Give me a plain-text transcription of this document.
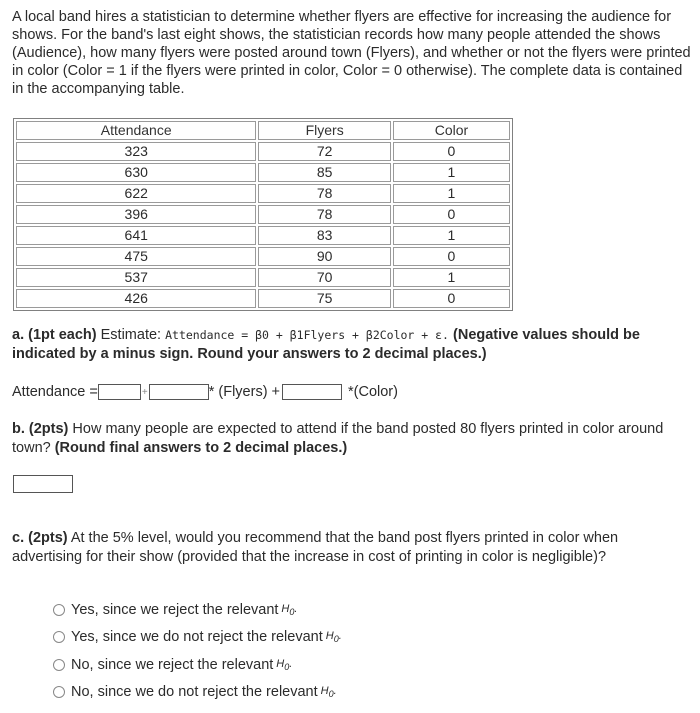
A local band hires a statistician to determine whether flyers are effective for increasing the audience for shows. For the band's last eight shows, the statistician records how many people attended the shows (Audience), how many flyers were posted around town (Flyers), and whether or not the flyers were printed in color (Color = 1 if the flyers were printed in color, Color = 0 otherwise). The complete data is contained in the accompanying table.

Attendance	Flyers	Color
323	72	0
630	85	1
622	78	1
396	78	0
641	83	1
475	90	0
537	70	1
426	75	0

a. (1pt each) Estimate: Attendance = β0 + β1Flyers + β2Color + ε. (Negative values should be indicated by a minus sign. Round your answers to 2 decimal places.)

Attendance =	+	* (Flyers) +	*(Color)

b. (2pts) How many people are expected to attend if the band posted 80 flyers printed in color around town? (Round final answers to 2 decimal places.)

c. (2pts) At the 5% level, would you recommend that the band post flyers printed in color when advertising for their show (provided that the increase in cost of printing in color is negligible)?

Yes, since we reject the relevant $H_0$.
Yes, since we do not reject the relevant $H_0$.
No, since we reject the relevant $H_0$.
No, since we do not reject the relevant $H_0$.
